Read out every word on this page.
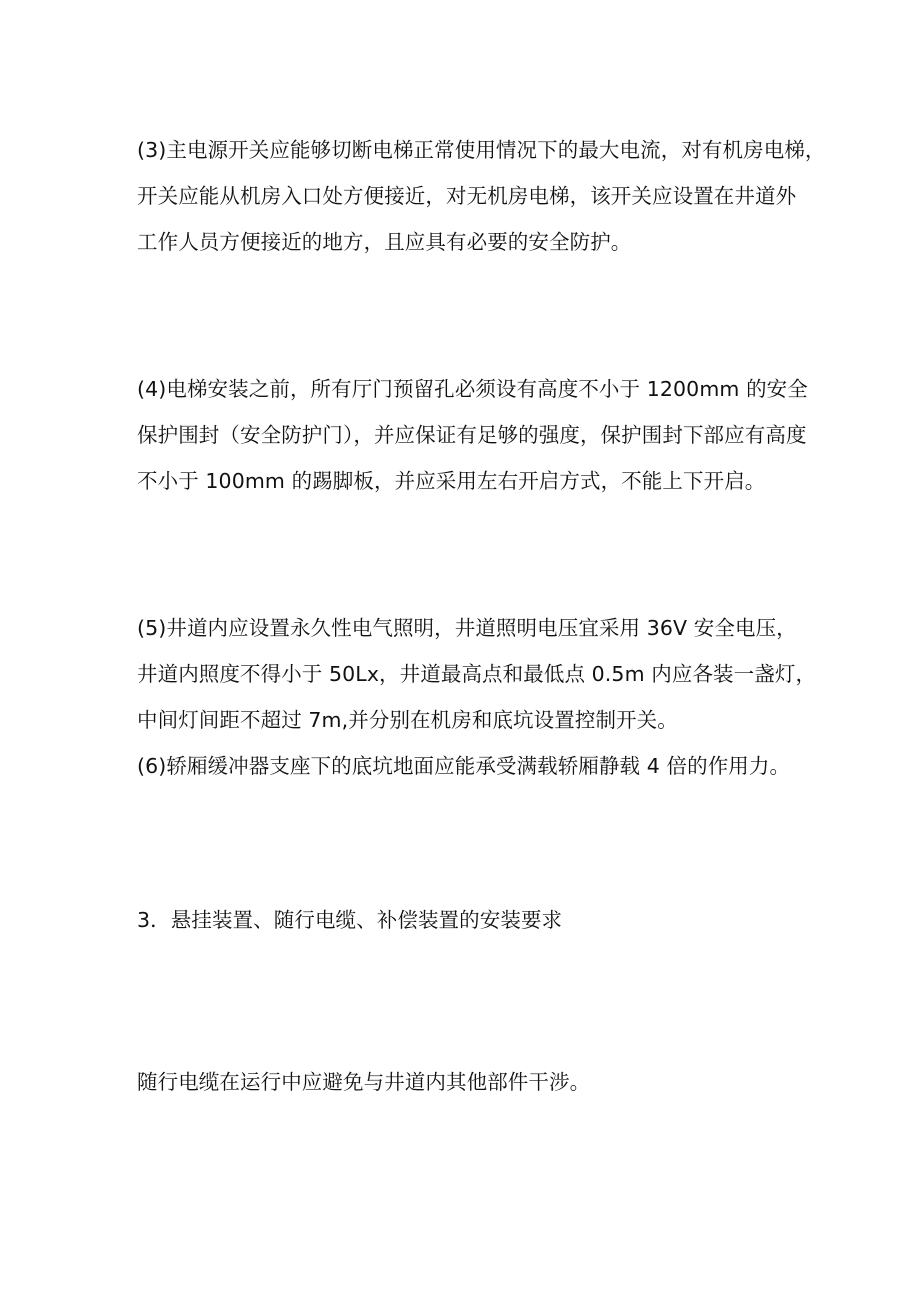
(3)主电源开关应能够切断电梯正常使用情况下的最大电流，对有机房电梯，
开关应能从机房入口处方便接近，对无机房电梯，该开关应设置在井道外
工作人员方便接近的地方，且应具有必要的安全防护。
(4)电梯安装之前，所有厅门预留孔必须设有高度不小于 1200mm 的安全
保护围封（安全防护门），并应保证有足够的强度，保护围封下部应有高度
不小于 100mm 的踢脚板，并应采用左右开启方式，不能上下开启。
(5)井道内应设置永久性电气照明，井道照明电压宜采用 36V 安全电压，
井道内照度不得小于 50Lx，井道最高点和最低点 0.5m 内应各装一盏灯，
中间灯间距不超过 7m,并分别在机房和底坑设置控制开关。
(6)轿厢缓冲器支座下的底坑地面应能承受满载轿厢静载 4 倍的作用力。
3．悬挂装置、随行电缆、补偿装置的安装要求
随行电缆在运行中应避免与井道内其他部件干涉。
